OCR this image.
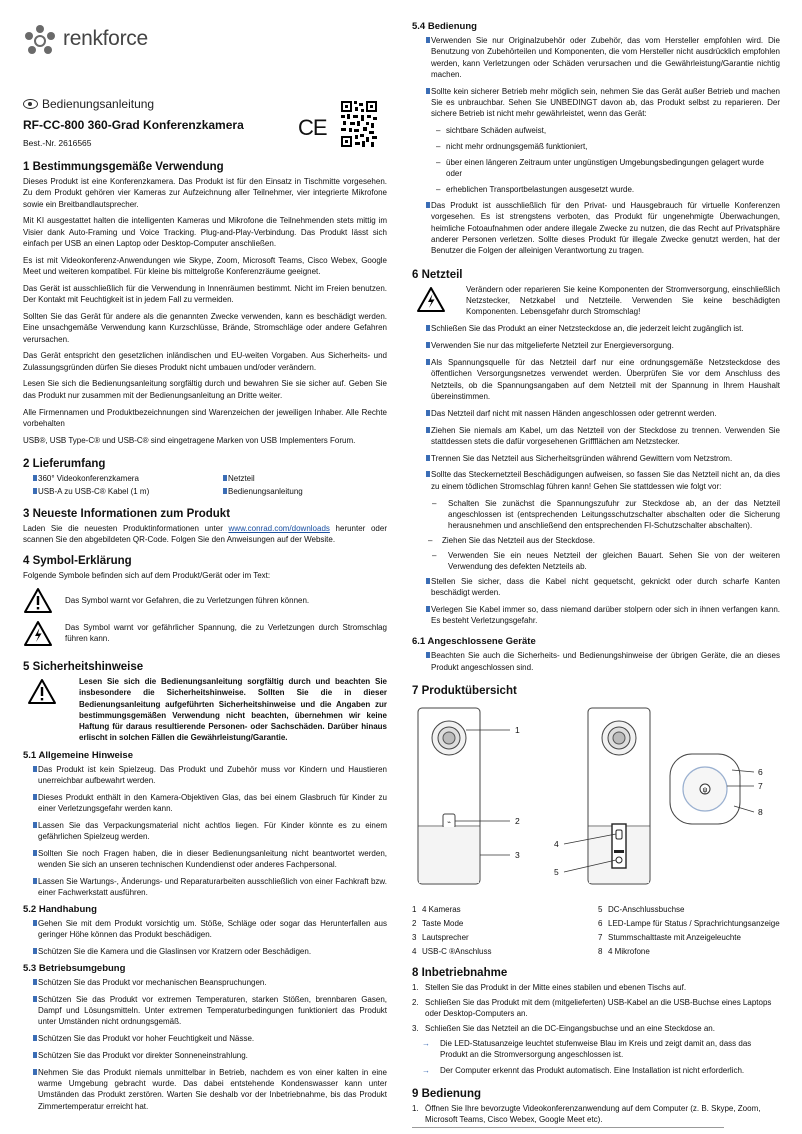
renkforce
Bedienungsanleitung
RF-CC-800 360-Grad Konferenzkamera
Best.-Nr. 2616565
CE
1 Bestimmungsgemäße Verwendung

Dieses Produkt ist eine Konferenzkamera. Das Produkt ist für den Einsatz in Tischmitte vorgesehen. Zu dem Produkt gehören vier Kameras zur Aufzeichnung aller Teilnehmer, vier integrierte Mikrofone sowie ein Breitbandlautsprecher.

Mit KI ausgestattet halten die intelligenten Kameras und Mikrofone die Teilnehmenden stets mittig im Visier dank Auto-Framing und Voice Tracking. Plug-and-Play-Verbindung. Das Produkt lässt sich einfach per USB an einen Laptop oder Desktop-Computer anschließen.

Es ist mit Videokonferenz-Anwendungen wie Skype, Zoom, Microsoft Teams, Cisco Webex, Google Meet und weiteren kompatibel. Für kleine bis mittelgroße Konferenzräume geeignet.

Das Gerät ist ausschließlich für die Verwendung in Innenräumen bestimmt. Nicht im Freien benutzen. Der Kontakt mit Feuchtigkeit ist in jedem Fall zu vermeiden.

Sollten Sie das Gerät für andere als die genannten Zwecke verwenden, kann es beschädigt werden. Eine unsachgemäße Verwendung kann Kurzschlüsse, Brände, Stromschläge oder andere Gefahren verursachen.

Das Gerät entspricht den gesetzlichen inländischen und EU-weiten Vorgaben. Aus Sicherheits- und Zulassungsgründen dürfen Sie dieses Produkt nicht umbauen und/oder verändern.

Lesen Sie sich die Bedienungsanleitung sorgfältig durch und bewahren Sie sie sicher auf. Geben Sie das Produkt nur zusammen mit der Bedienungsanleitung an Dritte weiter.

Alle Firmennamen und Produktbezeichnungen sind Warenzeichen der jeweiligen Inhaber. Alle Rechte vorbehalten

USB®, USB Type-C® und USB-C® sind eingetragene Marken von USB Implementers Forum.

2 Lieferumfang
360° Videokonferenzkamera	Netzteil
USB-A zu USB-C® Kabel (1 m)	Bedienungsanleitung
3 Neueste Informationen zum Produkt

Laden Sie die neuesten Produktinformationen unter www.conrad.com/downloads herunter oder scannen Sie den abgebildeten QR-Code. Folgen Sie den Anweisungen auf der Website.

4 Symbol-Erklärung

Folgende Symbole befinden sich auf dem Produkt/Gerät oder im Text:

Das Symbol warnt vor Gefahren, die zu Verletzungen führen können.
Das Symbol warnt vor gefährlicher Spannung, die zu Verletzungen durch Stromschlag führen kann.
5 Sicherheitshinweise
Lesen Sie sich die Bedienungsanleitung sorgfältig durch und beachten Sie insbesondere die Sicherheitshinweise. Sollten Sie die in dieser Bedienungsanleitung aufgeführten Sicherheitshinweise und die Angaben zur bestimmungsgemäßen Verwendung nicht beachten, übernehmen wir keine Haftung für daraus resultierende Personen- oder Sachschäden. Darüber hinaus erlischt in solchen Fällen die Gewährleistung/Garantie.
5.1 Allgemeine Hinweise
Das Produkt ist kein Spielzeug. Das Produkt und Zubehör muss vor Kindern und Haustieren unerreichbar aufbewahrt werden.
Dieses Produkt enthält in den Kamera-Objektiven Glas, das bei einem Glasbruch für Kinder zu einer Verletzungsgefahr werden kann.
Lassen Sie das Verpackungsmaterial nicht achtlos liegen. Für Kinder könnte es zu einem gefährlichen Spielzeug werden.
Sollten Sie noch Fragen haben, die in dieser Bedienungsanleitung nicht beantwortet werden, wenden Sie sich an unseren technischen Kundendienst oder anderes Fachpersonal.
Lassen Sie Wartungs-, Änderungs- und Reparaturarbeiten ausschließlich von einer Fachkraft bzw. einer Fachwerkstatt ausführen.
5.2 Handhabung
Gehen Sie mit dem Produkt vorsichtig um. Stöße, Schläge oder sogar das Herunterfallen aus geringer Höhe können das Produkt beschädigen.
Schützen Sie die Kamera und die Glaslinsen vor Kratzern oder Beschädigen.
5.3 Betriebsumgebung
Schützen Sie das Produkt vor mechanischen Beanspruchungen.
Schützen Sie das Produkt vor extremen Temperaturen, starken Stößen, brennbaren Gasen, Dampf und Lösungsmitteln. Unter extremen Temperaturbedingungen funktioniert das Produkt unter Umständen nicht ordnungsgemäß.
Schützen Sie das Produkt vor hoher Feuchtigkeit und Nässe.
Schützen Sie das Produkt vor direkter Sonneneinstrahlung.
Nehmen Sie das Produkt niemals unmittelbar in Betrieb, nachdem es von einer kalten in eine warme Umgebung gebracht wurde. Das dabei entstehende Kondenswasser kann unter Umständen das Produkt zerstören. Warten Sie deshalb vor der Inbetriebnahme, bis das Produkt Zimmertemperatur erreicht hat.
5.4 Bedienung
Verwenden Sie nur Originalzubehör oder Zubehör, das vom Hersteller empfohlen wird. Die Benutzung von Zubehörteilen und Komponenten, die vom Hersteller nicht ausdrücklich empfohlen werden, kann Verletzungen oder Schäden verursachen und die Gewährleistung/Garantie nichtig machen.
Sollte kein sicherer Betrieb mehr möglich sein, nehmen Sie das Gerät außer Betrieb und machen Sie es unbrauchbar. Sehen Sie UNBEDINGT davon ab, das Produkt selbst zu reparieren. Der sichere Betrieb ist nicht mehr gewährleistet, wenn das Gerät:
– sichtbare Schäden aufweist,
– nicht mehr ordnungsgemäß funktioniert,
– über einen längeren Zeitraum unter ungünstigen Umgebungsbedingungen gelagert wurde oder
– erheblichen Transportbelastungen ausgesetzt wurde.
Das Produkt ist ausschließlich für den Privat- und Hausgebrauch für virtuelle Konferenzen vorgesehen. Es ist strengstens verboten, das Produkt für ungenehmigte Überwachungen, heimliche Fotoaufnahmen oder andere illegale Zwecke zu nutzen, die das Recht auf Privatsphäre anderer Personen verletzen. Sollte dieses Produkt für illegale Zwecke genutzt werden, hat der Benutzer die Folgen der alleinigen Verantwortung zu tragen.
6 Netzteil
Verändern oder reparieren Sie keine Komponenten der Stromversorgung, einschließlich Netzstecker, Netzkabel und Netzteile. Verwenden Sie keine beschädigten Komponenten. Lebensgefahr durch Stromschlag!
Schließen Sie das Produkt an einer Netzsteckdose an, die jederzeit leicht zugänglich ist.
Verwenden Sie nur das mitgelieferte Netzteil zur Energieversorgung.
Als Spannungsquelle für das Netzteil darf nur eine ordnungsgemäße Netzsteckdose des öffentlichen Versorgungsnetzes verwendet werden. Überprüfen Sie vor dem Anschluss des Netzteils, ob die Spannungsangaben auf dem Netzteil mit der Spannung in Ihrem Haushalt übereinstimmen.
Das Netzteil darf nicht mit nassen Händen angeschlossen oder getrennt werden.
Ziehen Sie niemals am Kabel, um das Netzteil von der Steckdose zu trennen. Verwenden Sie stattdessen stets die dafür vorgesehenen Griffflächen am Netzstecker.
Trennen Sie das Netzteil aus Sicherheitsgründen während Gewittern vom Netzstrom.
Sollte das Steckernetzteil Beschädigungen aufweisen, so fassen Sie das Netzteil nicht an, da dies zu einem tödlichen Stromschlag führen kann! Gehen Sie stattdessen wie folgt vor:
– Schalten Sie zunächst die Spannungszufuhr zur Steckdose ab, an der das Netzteil angeschlossen ist (entsprechenden Leitungsschutzschalter abschalten oder die Sicherung herausnehmen und anschließend den entsprechenden FI-Schutzschalter abschalten).
– Ziehen Sie das Netzteil aus der Steckdose.
– Verwenden Sie ein neues Netzteil der gleichen Bauart. Sehen Sie von der weiteren Verwendung des defekten Netzteils ab.
Stellen Sie sicher, dass die Kabel nicht gequetscht, geknickt oder durch scharfe Kanten beschädigt werden.
Verlegen Sie Kabel immer so, dass niemand darüber stolpern oder sich in ihnen verfangen kann. Es besteht Verletzungsgefahr.
6.1 Angeschlossene Geräte
Beachten Sie auch die Sicherheits- und Bedienungshinweise der übrigen Geräte, die an dieses Produkt angeschlossen sind.
7 Produktübersicht
⌁
ψ
1
2
3
4
5
6
7
8
1 4 Kameras	5 DC-Anschlussbuchse
2 Taste Mode	6 LED-Lampe für Status / Sprachrichtungsanzeige
3 Lautsprecher	7 Stummschalttaste mit Anzeigeleuchte
4 USB-C ®Anschluss	8 4 Mikrofone
8 Inbetriebnahme
1. Stellen Sie das Produkt in der Mitte eines stabilen und ebenen Tischs auf.
2. Schließen Sie das Produkt mit dem (mitgelieferten) USB-Kabel an die USB-Buchse eines Laptops oder Desktop-Computers an.
3. Schließen Sie das Netzteil an die DC-Eingangsbuchse und an eine Steckdose an.
→ Die LED-Statusanzeige leuchtet stufenweise Blau im Kreis und zeigt damit an, dass das Produkt an die Stromversorgung angeschlossen ist.
→ Der Computer erkennt das Produkt automatisch. Eine Installation ist nicht erforderlich.
9 Bedienung
1. Öffnen Sie Ihre bevorzugte Videokonferenzanwendung auf dem Computer (z. B. Skype, Zoom, Microsoft Teams, Cisco Webex, Google Meet etc).
